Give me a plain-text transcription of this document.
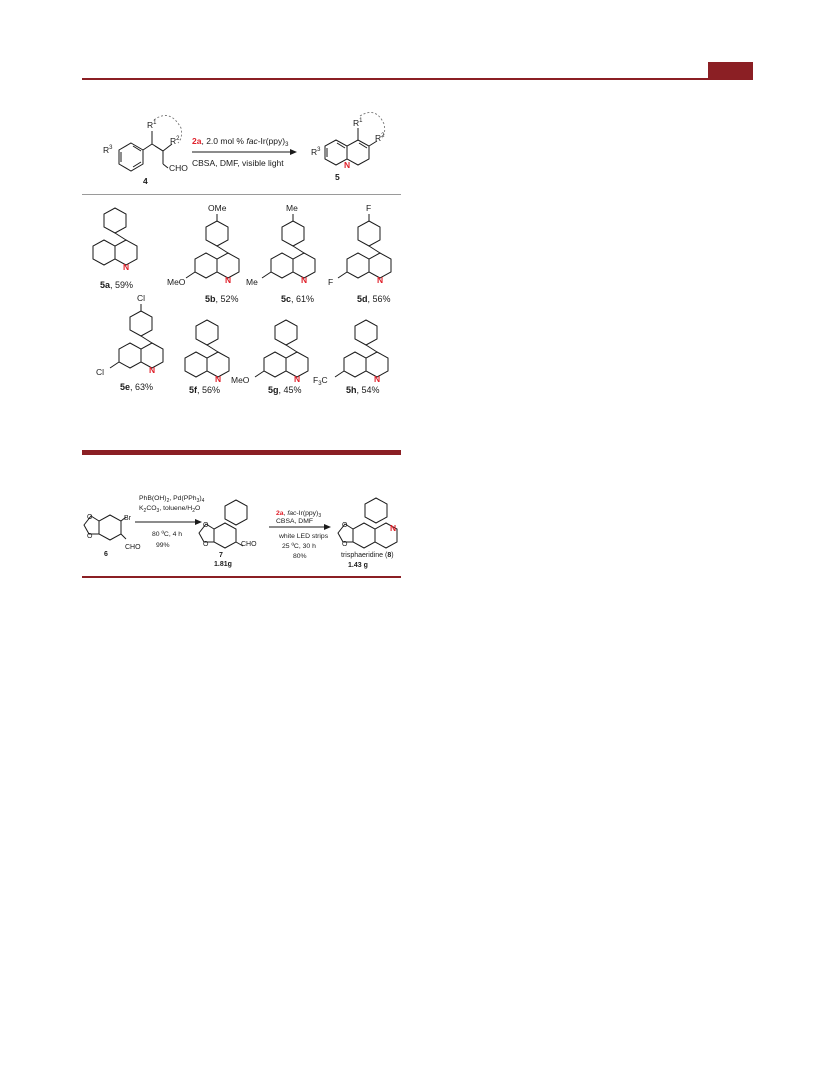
$R^1$
$R^2$
$R^3$
CHO
4
2a, 2.0 mol % fac-$Ir(ppy)_3$
CBSA, DMF, visible light
$R^1$
$R^2$
$R^3$
N
5
N
5a, 59%
OMe
MeO	N
5b, 52%
Me
Me	N
5c, 61%
F
F	N
5d, 56%
Cl
Cl	N
5e, 63%
N
5f, 56%
MeO	N
5g, 45%
$F_3C$	N
5h, 54%
O
O
Br
CHO
6
$PhB(OH)_2$, $Pd(PPh_3)_4$
$K_2CO_3$, toluene/$H_2O$
80 ºC, 4 h
99%
O
O	CHO
7
1.81g
2a, fac-$Ir(ppy)_3$
CBSA, DMF
white LED strips
25 ºC, 30 h
80%
O
O
N
trisphaeridine (8)
1.43 g
